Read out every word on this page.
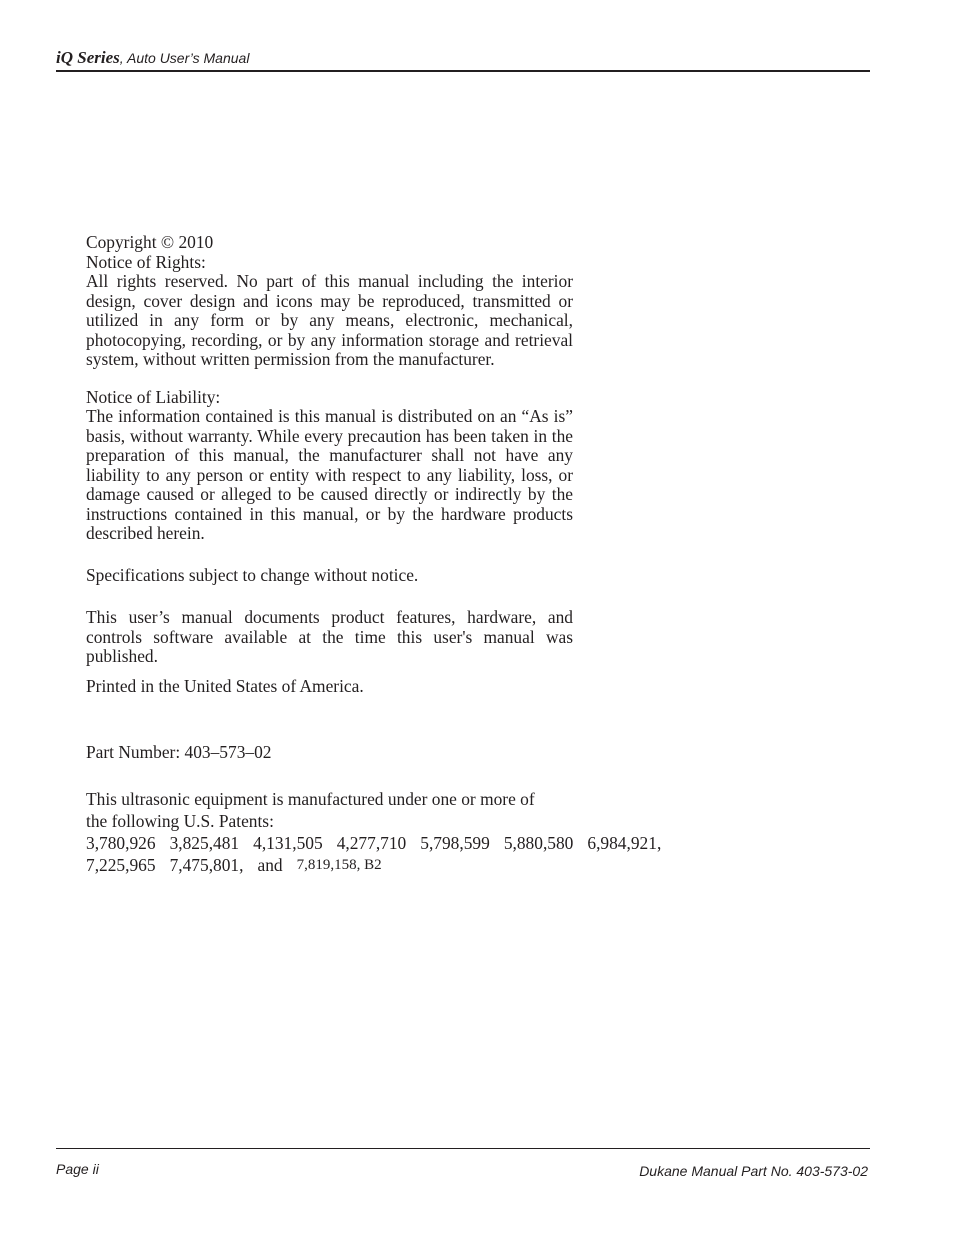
iQ Series, Auto User’s Manual

Copyright © 2010

Notice of Rights:

All rights reserved. No part of this manual including the interior design, cover design and icons may be reproduced, transmitted or utilized in any form or by any means, electronic, mechanical, photocopying, recording, or by any information storage and retrieval system, without written permission from the manufacturer.

Notice of Liability:

The information contained is this manual is distributed on an “As is” basis, without warranty. While every precaution has been taken in the preparation of this manual, the manufacturer shall not have any liability to any person or entity with respect to any liability, loss, or damage caused or alleged to be caused directly or indirectly by the instructions contained in this manual, or by the hardware products described herein.

Specifications subject to change without notice.

This user’s manual documents product features, hardware, and controls software available at the time this user's manual was published.

Printed in the United States of America.

Part Number: 403–573–02

This ultrasonic equipment is manufactured under one or more of

the following U.S. Patents:

3,780,926 3,825,481 4,131,505 4,277,710 5,798,599 5,880,580 6,984,921,
7,225,965 7,475,801, and 7,819,158, B2
Page ii	Dukane Manual Part No. 403-573-02
